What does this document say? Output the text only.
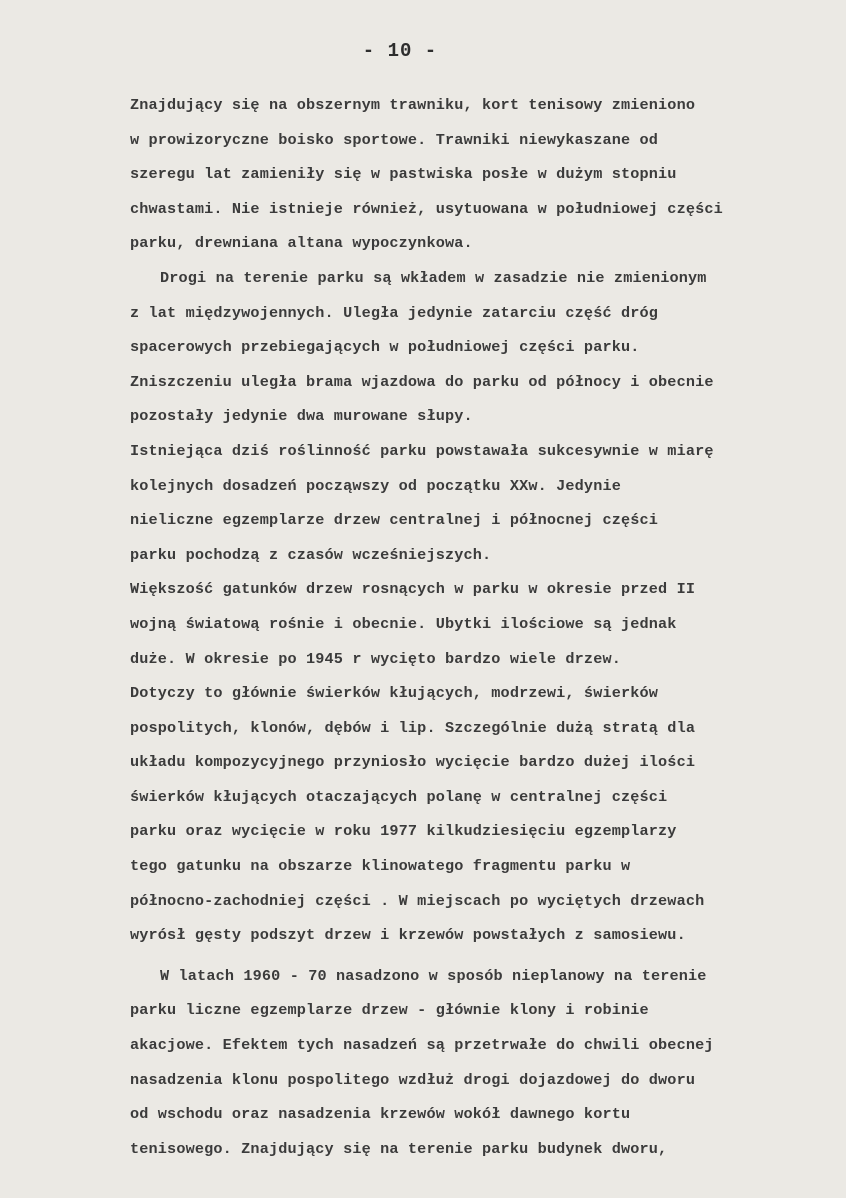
- 10 -
Znajdujący się na obszernym trawniku, kort tenisowy zmieniono
w prowizoryczne boisko sportowe. Trawniki niewykaszane od
szeregu lat zamieniły się w pastwiska posłe w dużym stopniu
chwastami. Nie istnieje również, usytuowana w południowej części
parku, drewniana altana wypoczynkowa.
Drogi na terenie parku są wkładem w zasadzie nie zmienionym
z lat międzywojennych. Uległa jedynie zatarciu część dróg
spacerowych przebiegających w południowej części parku.
Zniszczeniu uległa brama wjazdowa do parku od północy i obecnie
pozostały jedynie dwa murowane słupy.
Istniejąca dziś roślinność parku powstawała sukcesywnie w miarę
kolejnych dosadzeń począwszy od początku XXw. Jedynie
nieliczne egzemplarze drzew centralnej i północnej części
parku pochodzą z czasów wcześniejszych.
Większość gatunków drzew rosnących w parku w okresie przed II
wojną światową rośnie i obecnie. Ubytki ilościowe są jednak
duże. W okresie po 1945 r wycięto bardzo wiele drzew.
Dotyczy to głównie świerków kłujących, modrzewi, świerków
pospolitych, klonów, dębów i lip. Szczególnie dużą stratą dla
układu kompozycyjnego przyniosło wycięcie bardzo dużej ilości
świerków kłujących otaczających polanę w centralnej części
parku oraz wycięcie w roku 1977 kilkudziesięciu egzemplarzy
tego gatunku na obszarze klinowatego fragmentu parku w
północno-zachodniej części . W miejscach po wyciętych drzewach
wyrósł gęsty podszyt drzew i krzewów powstałych z samosiewu.
W latach 1960 - 70 nasadzono w sposób nieplanowy na terenie
parku liczne egzemplarze drzew - głównie klony i robinie
akacjowe. Efektem tych nasadzeń są przetrwałe do chwili obecnej
nasadzenia klonu pospolitego wzdłuż drogi dojazdowej do dworu
od wschodu oraz nasadzenia krzewów wokół dawnego kortu
tenisowego. Znajdujący się na terenie parku budynek dworu,
